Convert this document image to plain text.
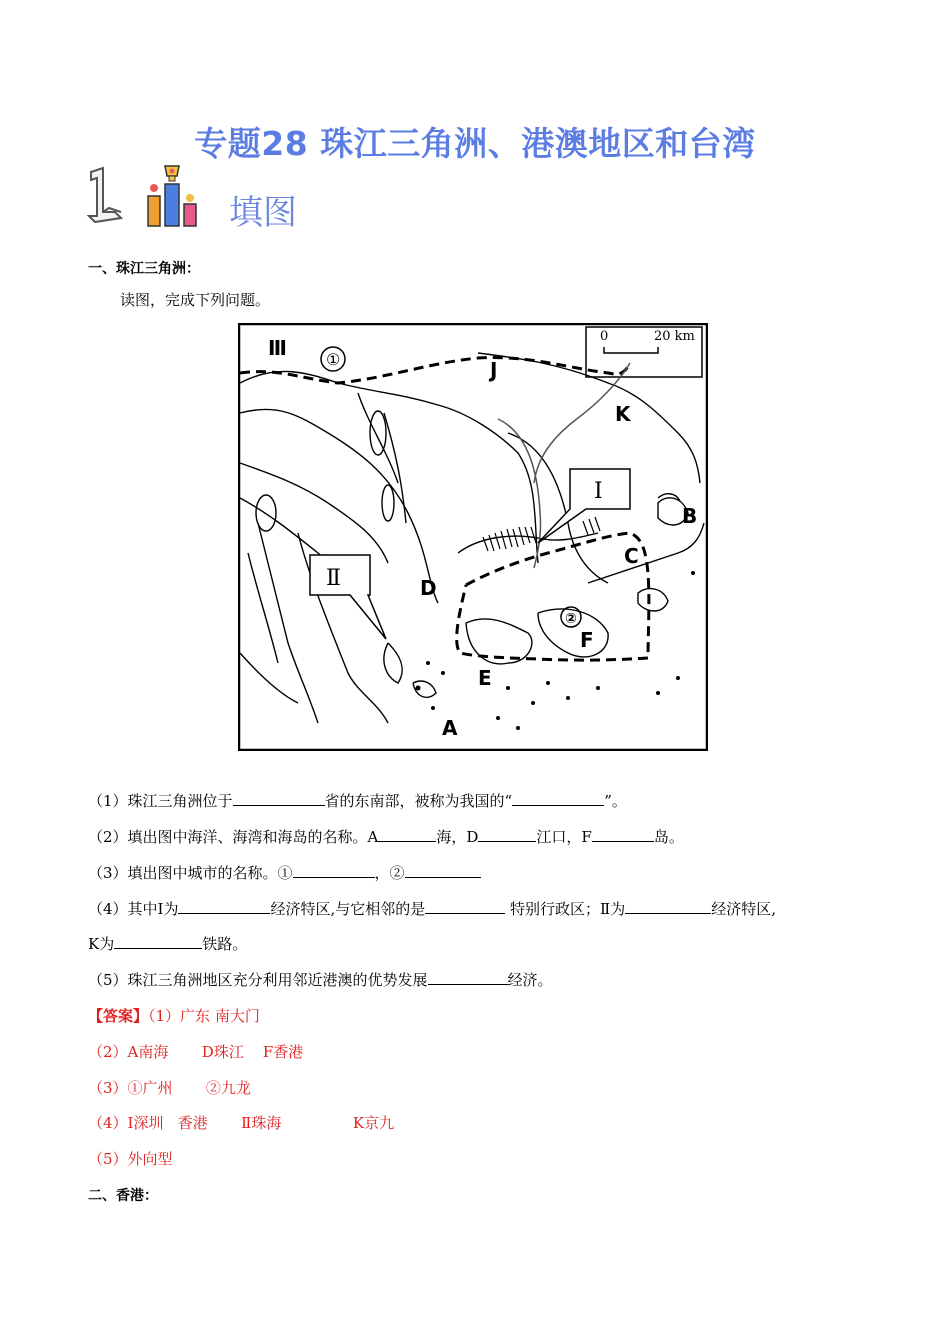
专题28 珠江三角洲、港澳地区和台湾
填图
一、珠江三角洲：
读图，完成下列问题。
0	20 km
Ⅰ
Ⅱ
Ⅲ ①	J
K
B
C
D
②
F
E
A
（1）珠江三角洲位于	省的东南部，被称为我国的“	”。
（2）填出图中海洋、海湾和海岛的名称。A	海，D	江口，F	岛。
（3）填出图中城市的名称。①	，②
（4）其中Ⅰ为	经济特区,与它相邻的是	特别行政区；Ⅱ为	经济特区,
K为	铁路。
（5）珠江三角洲地区充分利用邻近港澳的优势发展	经济。
【答案】（1）广东 南大门
（2）A南海       D珠江    F香港
（3）①广州       ②九龙
（4）Ⅰ深圳   香港       Ⅱ珠海               K京九
（5）外向型
二、香港：
